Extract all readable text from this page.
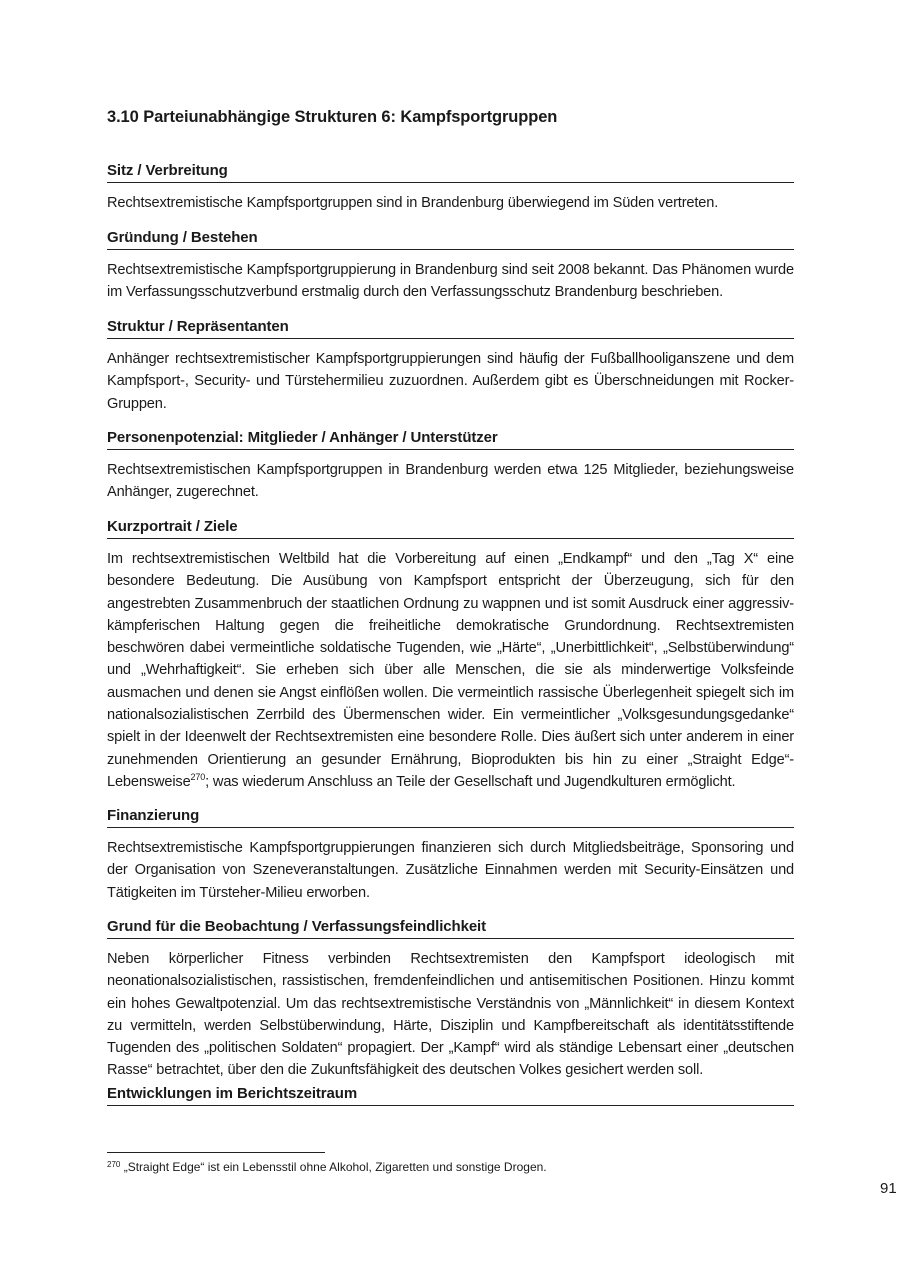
3.10 Parteiunabhängige Strukturen 6: Kampfsportgruppen
Sitz / Verbreitung

Rechtsextremistische Kampfsportgruppen sind in Brandenburg überwiegend im Süden vertreten.

Gründung / Bestehen

Rechtsextremistische Kampfsportgruppierung in Brandenburg sind seit 2008 bekannt. Das Phänomen wurde im Verfassungsschutzverbund erstmalig durch den Verfassungsschutz Brandenburg beschrieben.

Struktur / Repräsentanten

Anhänger rechtsextremistischer Kampfsportgruppierungen sind häufig der Fußballhooliganszene und dem Kampfsport-, Security- und Türstehermilieu zuzuordnen. Außerdem gibt es Überschneidungen mit Rocker-Gruppen.

Personenpotenzial: Mitglieder / Anhänger / Unterstützer

Rechtsextremistischen Kampfsportgruppen in Brandenburg werden etwa 125 Mitglieder, beziehungsweise Anhänger, zugerechnet.

Kurzportrait / Ziele

Im rechtsextremistischen Weltbild hat die Vorbereitung auf einen „Endkampf“ und den „Tag X“ eine besondere Bedeutung. Die Ausübung von Kampfsport entspricht der Überzeugung, sich für den angestrebten Zusammenbruch der staatlichen Ordnung zu wappnen und ist somit Ausdruck einer aggressiv-kämpferischen Haltung gegen die freiheitliche demokratische Grundordnung. Rechtsextremisten beschwören dabei vermeintliche soldatische Tugenden, wie „Härte“, „Unerbittlichkeit“, „Selbstüberwindung“ und „Wehrhaftigkeit“. Sie erheben sich über alle Menschen, die sie als minderwertige Volksfeinde ausmachen und denen sie Angst einflößen wollen. Die vermeintlich rassische Überlegenheit spiegelt sich im nationalsozialistischen Zerrbild des Übermenschen wider. Ein vermeintlicher „Volksgesundungsgedanke“ spielt in der Ideenwelt der Rechtsextremisten eine besondere Rolle. Dies äußert sich unter anderem in einer zunehmenden Orientierung an gesunder Ernährung, Bioprodukten bis hin zu einer „Straight Edge“-Lebensweise$^{270}$; was wiederum Anschluss an Teile der Gesellschaft und Jugendkulturen ermöglicht.

Finanzierung

Rechtsextremistische Kampfsportgruppierungen finanzieren sich durch Mitgliedsbeiträge, Sponsoring und der Organisation von Szeneveranstaltungen. Zusätzliche Einnahmen werden mit Security-Einsätzen und Tätigkeiten im Türsteher-Milieu erworben.

Grund für die Beobachtung / Verfassungsfeindlichkeit

Neben körperlicher Fitness verbinden Rechtsextremisten den Kampfsport ideologisch mit neonationalsozialistischen, rassistischen, fremdenfeindlichen und antisemitischen Positionen. Hinzu kommt ein hohes Gewaltpotenzial. Um das rechtsextremistische Verständnis von „Männlichkeit“ in diesem Kontext zu vermitteln, werden Selbstüberwindung, Härte, Disziplin und Kampfbereitschaft als identitätsstiftende Tugenden des „politischen Soldaten“ propagiert. Der „Kampf“ wird als ständige Lebensart einer „deutschen Rasse“ betrachtet, über den die Zukunftsfähigkeit des deutschen Volkes gesichert werden soll.

Entwicklungen im Berichtszeitraum
$^{270}$ „Straight Edge“ ist ein Lebensstil ohne Alkohol, Zigaretten und sonstige Drogen.
91
